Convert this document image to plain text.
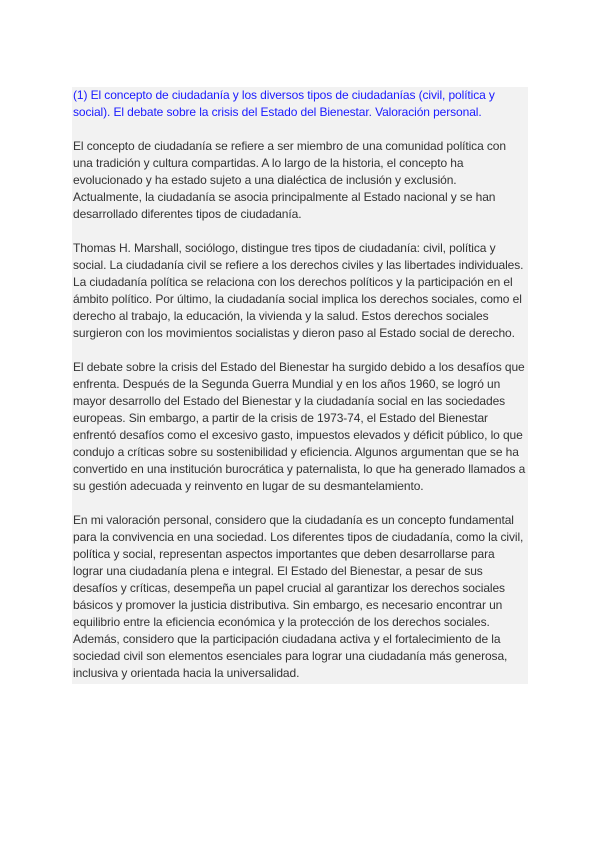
(1) El concepto de ciudadanía y los diversos tipos de ciudadanías (civil, política y social). El debate sobre la crisis del Estado del Bienestar. Valoración personal.

El concepto de ciudadanía se refiere a ser miembro de una comunidad política con una tradición y cultura compartidas. A lo largo de la historia, el concepto ha evolucionado y ha estado sujeto a una dialéctica de inclusión y exclusión. Actualmente, la ciudadanía se asocia principalmente al Estado nacional y se han desarrollado diferentes tipos de ciudadanía.

Thomas H. Marshall, sociólogo, distingue tres tipos de ciudadanía: civil, política y social. La ciudadanía civil se refiere a los derechos civiles y las libertades individuales. La ciudadanía política se relaciona con los derechos políticos y la participación en el ámbito político. Por último, la ciudadanía social implica los derechos sociales, como el derecho al trabajo, la educación, la vivienda y la salud. Estos derechos sociales surgieron con los movimientos socialistas y dieron paso al Estado social de derecho.

El debate sobre la crisis del Estado del Bienestar ha surgido debido a los desafíos que enfrenta. Después de la Segunda Guerra Mundial y en los años 1960, se logró un mayor desarrollo del Estado del Bienestar y la ciudadanía social en las sociedades europeas. Sin embargo, a partir de la crisis de 1973-74, el Estado del Bienestar enfrentó desafíos como el excesivo gasto, impuestos elevados y déficit público, lo que condujo a críticas sobre su sostenibilidad y eficiencia. Algunos argumentan que se ha convertido en una institución burocrática y paternalista, lo que ha generado llamados a su gestión adecuada y reinvento en lugar de su desmantelamiento.

En mi valoración personal, considero que la ciudadanía es un concepto fundamental para la convivencia en una sociedad. Los diferentes tipos de ciudadanía, como la civil, política y social, representan aspectos importantes que deben desarrollarse para lograr una ciudadanía plena e integral. El Estado del Bienestar, a pesar de sus desafíos y críticas, desempeña un papel crucial al garantizar los derechos sociales básicos y promover la justicia distributiva. Sin embargo, es necesario encontrar un equilibrio entre la eficiencia económica y la protección de los derechos sociales. Además, considero que la participación ciudadana activa y el fortalecimiento de la sociedad civil son elementos esenciales para lograr una ciudadanía más generosa, inclusiva y orientada hacia la universalidad.
